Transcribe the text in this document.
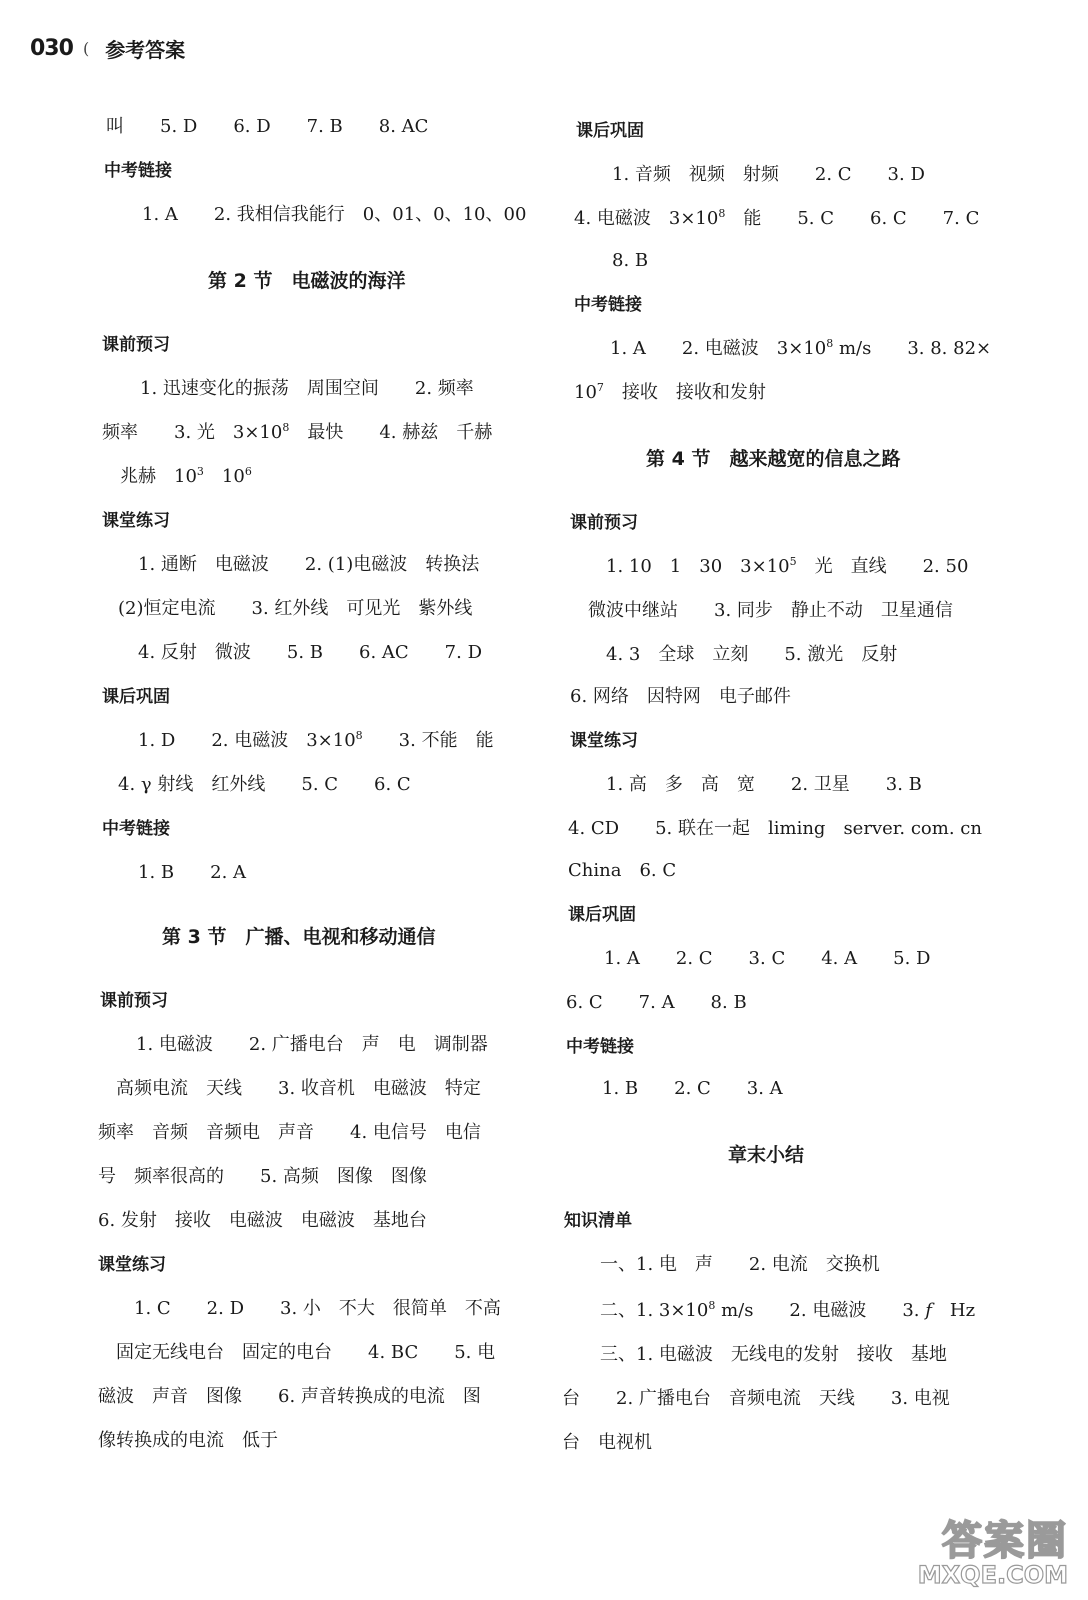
030 ( 参考答案
叫　　5. D　　6. D　　7. B　　8. AC
中考链接
1. A　　2. 我相信我能行　0、01、0、10、00
第 2 节　电磁波的海洋
课前预习
1. 迅速变化的振荡　周围空间　　2. 频率
频率　　3. 光　$3\times 10^8$　最快　　4. 赫兹　千赫
兆赫　$10^3$　$10^6$
课堂练习
1. 通断　电磁波　　2. (1)电磁波　转换法
(2)恒定电流　　3. 红外线　可见光　紫外线
4. 反射　微波　　5. B　　6. AC　　7. D
课后巩固
1. D　　2. 电磁波　$3\times 10^8$　　3. 不能　能
4. γ 射线　红外线　　5. C　　6. C
中考链接
1. B　　2. A
第 3 节　广播、电视和移动通信
课前预习
1. 电磁波　　2. 广播电台　声　电　调制器
高频电流　天线　　3. 收音机　电磁波　特定
频率　音频　音频电　声音　　4. 电信号　电信
号　频率很高的　　5. 高频　图像　图像
6. 发射　接收　电磁波　电磁波　基地台
课堂练习
1. C　　2. D　　3. 小　不大　很简单　不高
固定无线电台　固定的电台　　4. BC　　5. 电
磁波　声音　图像　　6. 声音转换成的电流　图
像转换成的电流　低于
课后巩固
1. 音频　视频　射频　　2. C　　3. D
4. 电磁波　$3\times 10^8$　能　　5. C　　6. C　　7. C
8. B
中考链接
1. A　　2. 电磁波　$3\times 10^8$ m/s　　3. 8. 82×
$10^7$　接收　接收和发射
第 4 节　越来越宽的信息之路
课前预习
1. 10　1　30　$3\times 10^5$　光　直线　　2. 50
微波中继站　　3. 同步　静止不动　卫星通信
4. 3　全球　立刻　　5. 激光　反射
6. 网络　因特网　电子邮件
课堂练习
1. 高　多　高　宽　　2. 卫星　　3. B
4. CD　　5. 联在一起　liming　server. com. cn
China　6. C
课后巩固
1. A　　2. C　　3. C　　4. A　　5. D
6. C　　7. A　　8. B
中考链接
1. B　　2. C　　3. A
章末小结
知识清单
一、1. 电　声　　2. 电流　交换机
二、1. $3\times 10^8$ m/s　　2. 电磁波　　3. f　Hz
三、1. 电磁波　无线电的发射　接收　基地
台　　2. 广播电台　音频电流　天线　　3. 电视
台　电视机
答案圈
MXQE.COM
